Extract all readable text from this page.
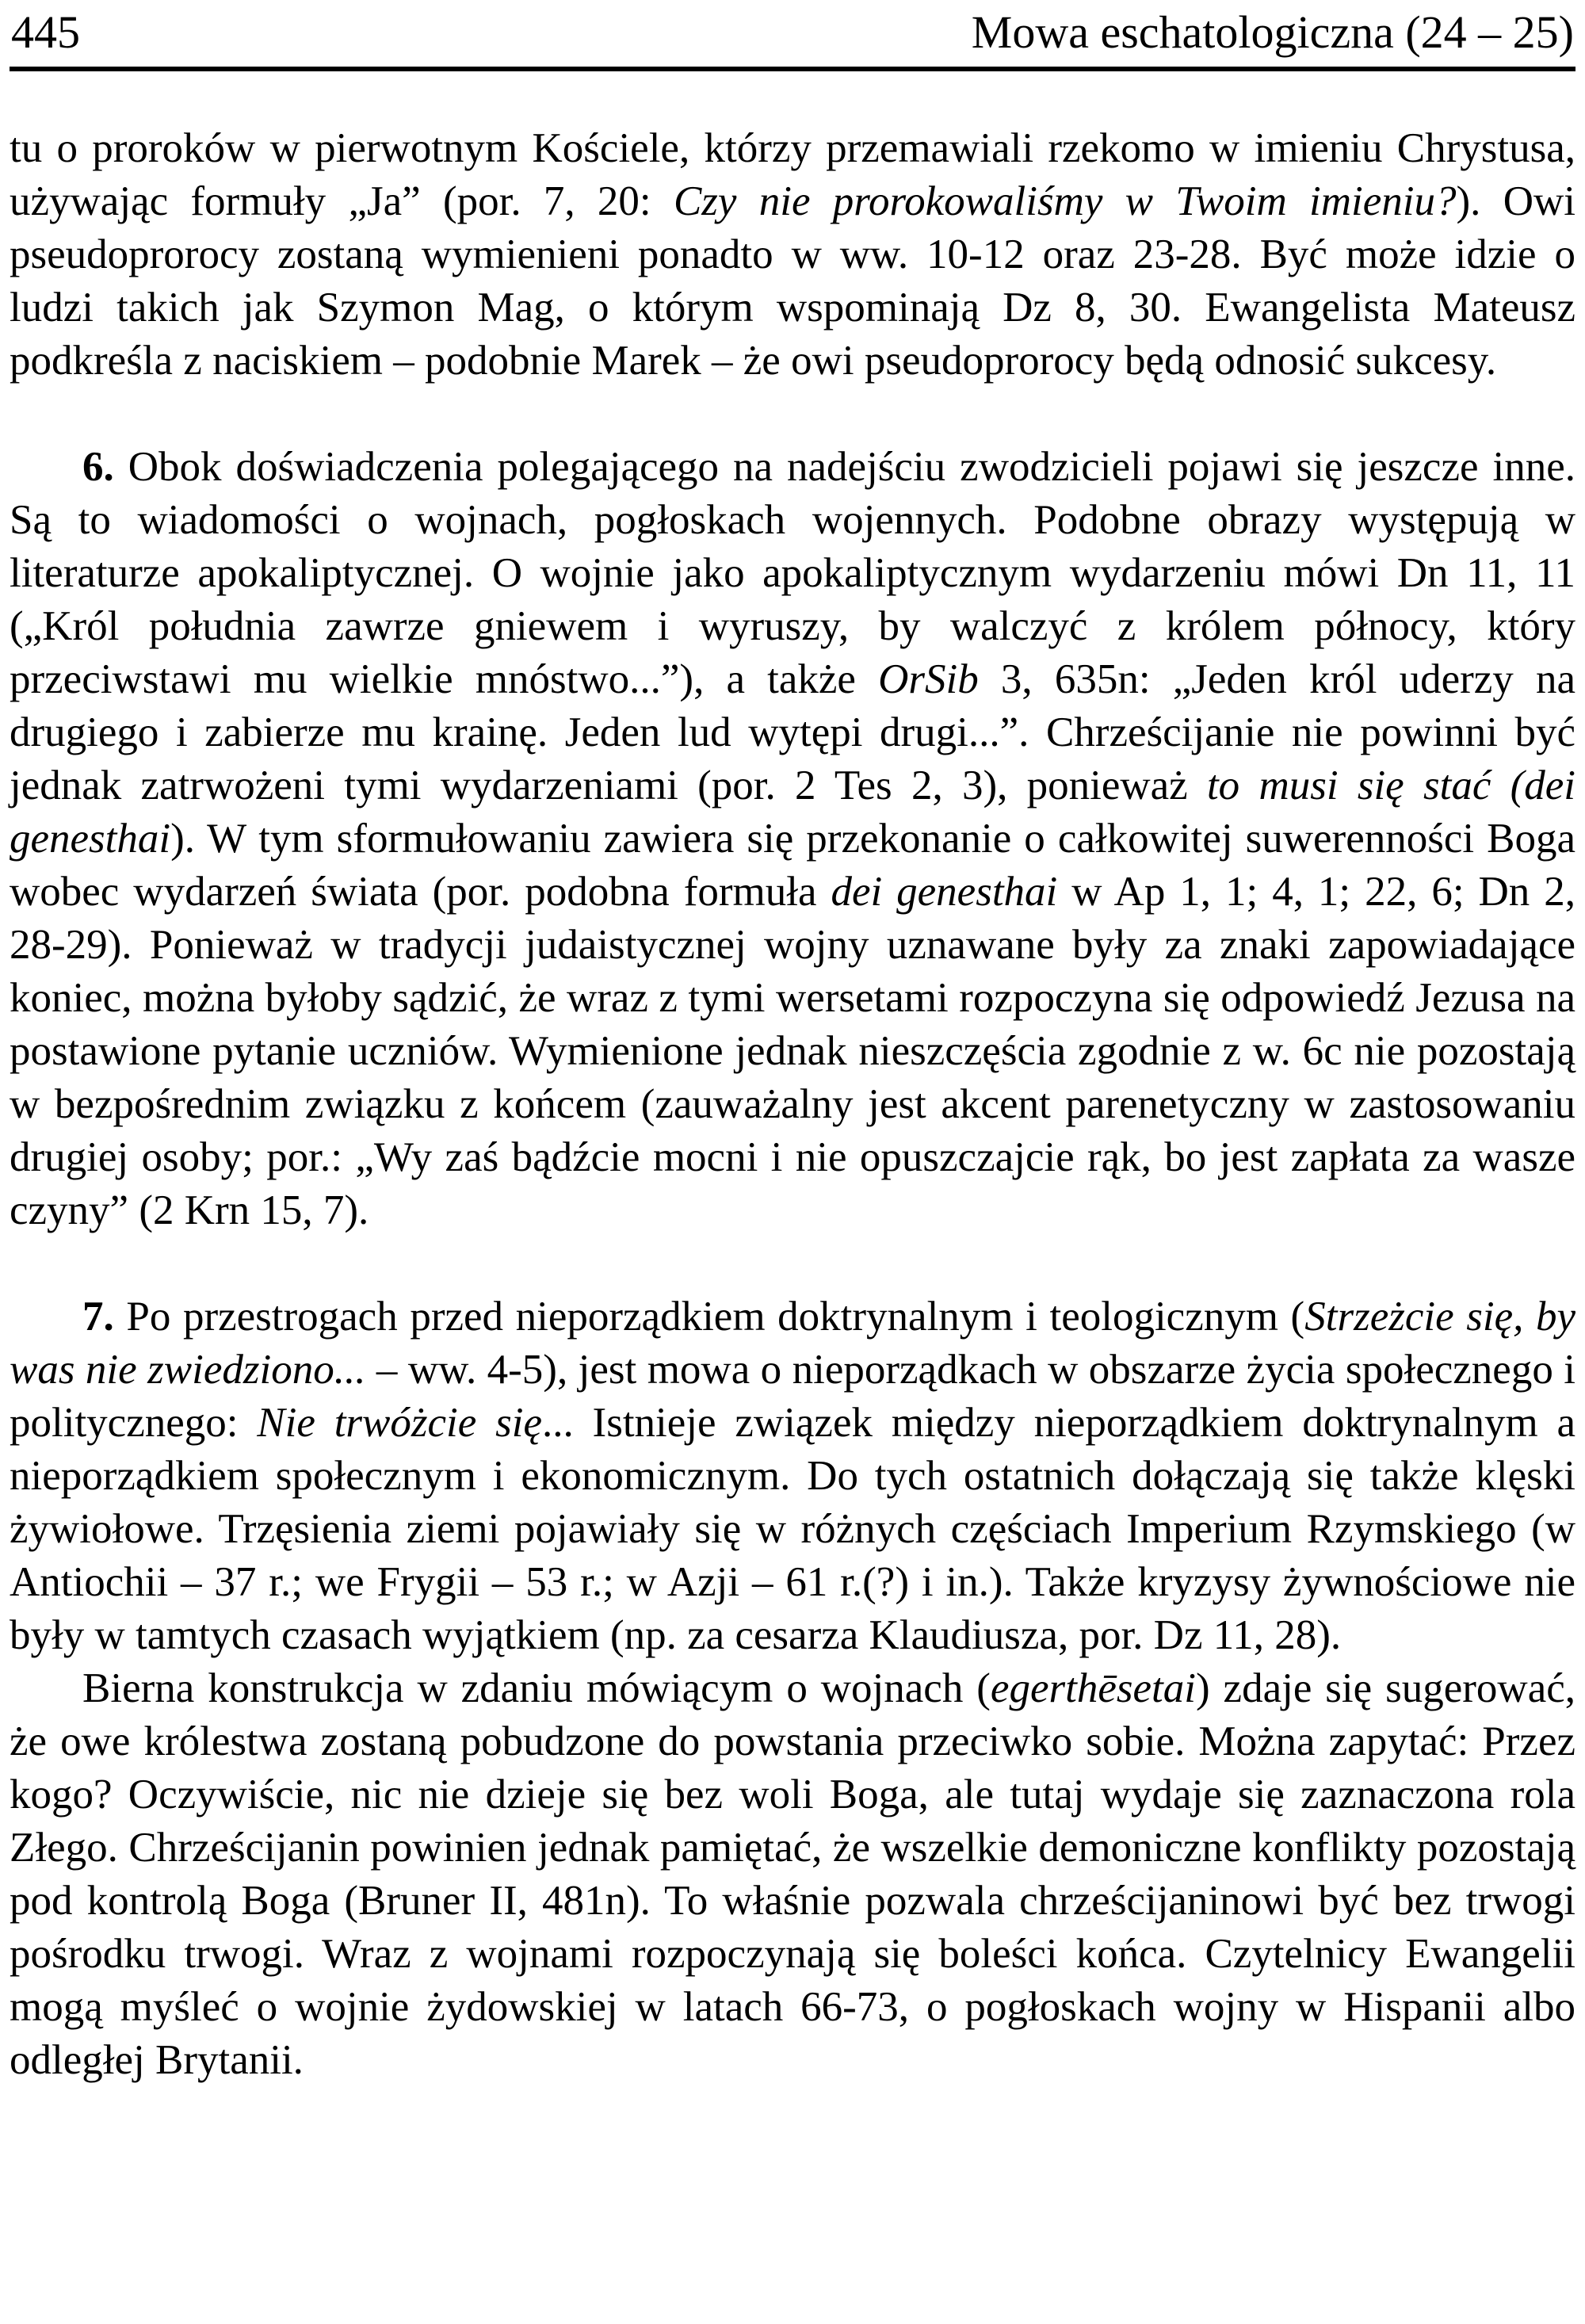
445	Mowa eschatologiczna (24 – 25)

tu o proroków w pierwotnym Kościele, którzy przemawiali rzekomo w imieniu Chrystusa, używając formuły „Ja” (por. 7, 20: Czy nie prorokowaliśmy w Twoim imieniu?). Owi pseudoprorocy zostaną wymienieni ponadto w ww. 10-12 oraz 23-28. Być może idzie o ludzi takich jak Szymon Mag, o którym wspominają Dz 8, 30. Ewangelista Mateusz podkreśla z naciskiem – podobnie Marek – że owi pseudoprorocy będą odnosić sukcesy.

6. Obok doświadczenia polegającego na nadejściu zwodzicieli pojawi się jeszcze inne. Są to wiadomości o wojnach, pogłoskach wojennych. Podobne obrazy występują w literaturze apokaliptycznej. O wojnie jako apokaliptycznym wydarzeniu mówi Dn 11, 11 („Król południa zawrze gniewem i wyruszy, by walczyć z królem północy, który przeciwstawi mu wielkie mnóstwo...”), a także OrSib 3, 635n: „Jeden król uderzy na drugiego i zabierze mu krainę. Jeden lud wytępi drugi...”. Chrześcijanie nie powinni być jednak zatrwożeni tymi wydarzeniami (por. 2 Tes 2, 3), ponieważ to musi się stać (dei genesthai). W tym sformułowaniu zawiera się przekonanie o całkowitej suwerenności Boga wobec wydarzeń świata (por. podobna formuła dei genesthai w Ap 1, 1; 4, 1; 22, 6; Dn 2, 28-29). Ponieważ w tradycji judaistycznej wojny uznawane były za znaki zapowiadające koniec, można byłoby sądzić, że wraz z tymi wersetami rozpoczyna się odpowiedź Jezusa na postawione pytanie uczniów. Wymienione jednak nieszczęścia zgodnie z w. 6c nie pozostają w bezpośrednim związku z końcem (zauważalny jest akcent parenetyczny w zastosowaniu drugiej osoby; por.: „Wy zaś bądźcie mocni i nie opuszczajcie rąk, bo jest zapłata za wasze czyny” (2 Krn 15, 7).

7. Po przestrogach przed nieporządkiem doktrynalnym i teologicznym (Strzeżcie się, by was nie zwiedziono... – ww. 4-5), jest mowa o nieporządkach w obszarze życia społecznego i politycznego: Nie trwóżcie się... Istnieje związek między nieporządkiem doktrynalnym a nieporządkiem społecznym i ekonomicznym. Do tych ostatnich dołączają się także klęski żywiołowe. Trzęsienia ziemi pojawiały się w różnych częściach Imperium Rzymskiego (w Antiochii – 37 r.; we Frygii – 53 r.; w Azji – 61 r.(?) i in.). Także kryzysy żywnościowe nie były w tamtych czasach wyjątkiem (np. za cesarza Klaudiusza, por. Dz 11, 28).

Bierna konstrukcja w zdaniu mówiącym o wojnach (egerthēsetai) zdaje się sugerować, że owe królestwa zostaną pobudzone do powstania przeciwko sobie. Można zapytać: Przez kogo? Oczywiście, nic nie dzieje się bez woli Boga, ale tutaj wydaje się zaznaczona rola Złego. Chrześcijanin powinien jednak pamiętać, że wszelkie demoniczne konflikty pozostają pod kontrolą Boga (Bruner II, 481n). To właśnie pozwala chrześcijaninowi być bez trwogi pośrodku trwogi. Wraz z wojnami rozpoczynają się boleści końca. Czytelnicy Ewangelii mogą myśleć o wojnie żydowskiej w latach 66-73, o pogłoskach wojny w Hispanii albo odległej Brytanii.
